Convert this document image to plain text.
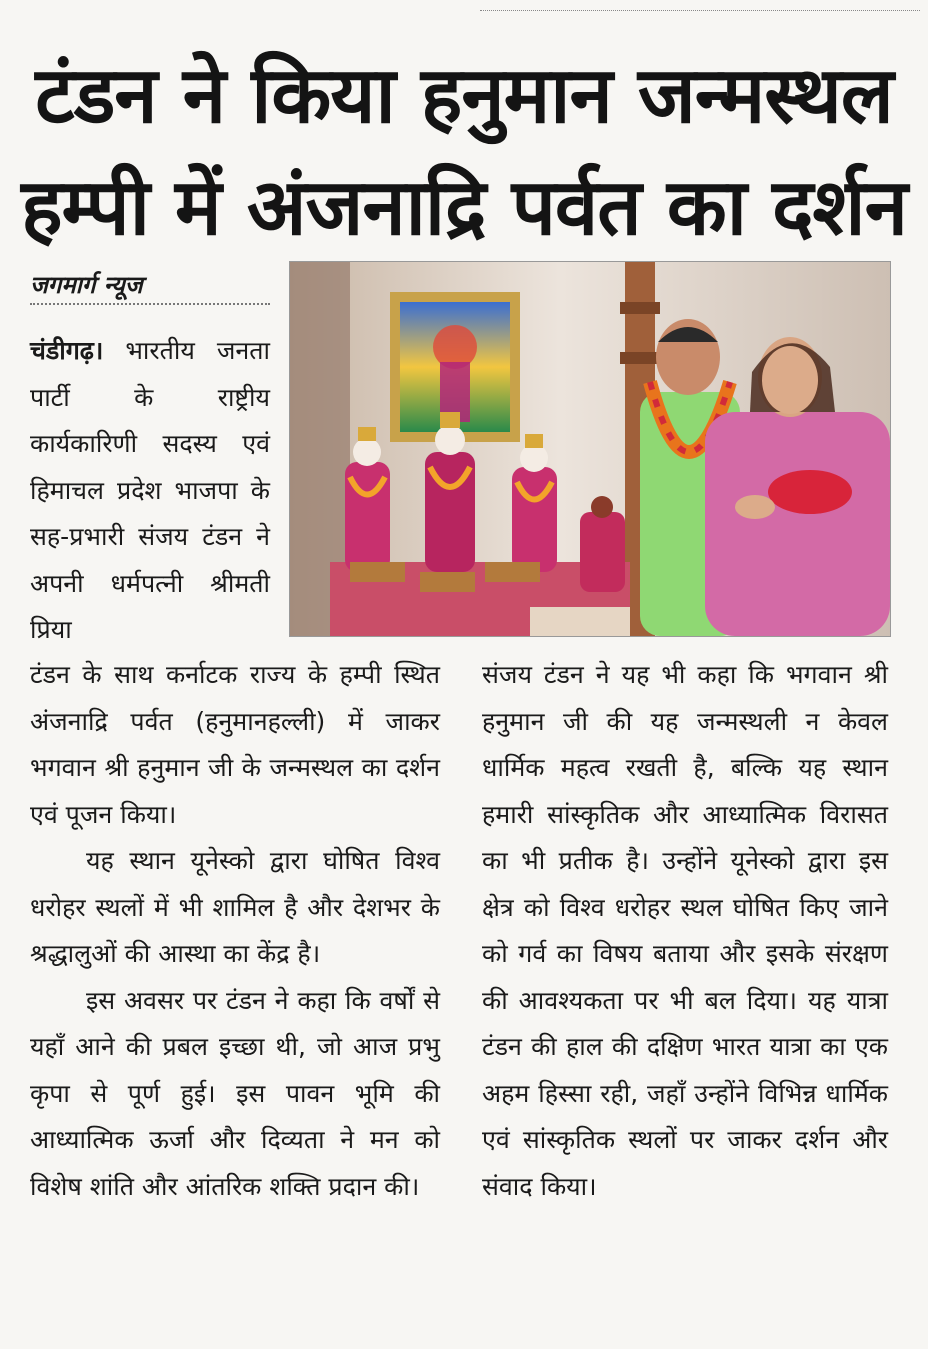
टंडन ने किया हनुमान जन्मस्थल
हम्पी में अंजनाद्रि पर्वत का दर्शन
जगमार्ग न्यूज

चंडीगढ़। भारतीय जनता पार्टी के राष्ट्रीय कार्यकारिणी सदस्य एवं हिमाचल प्रदेश भाजपा के सह-प्रभारी संजय टंडन ने अपनी धर्मपत्नी श्रीमती प्रिया

टंडन के साथ कर्नाटक राज्य के हम्पी स्थित अंजनाद्रि पर्वत (हनुमानहल्ली) में जाकर भगवान श्री हनुमान जी के जन्मस्थल का दर्शन एवं पूजन किया।

यह स्थान यूनेस्को द्वारा घोषित विश्व धरोहर स्थलों में भी शामिल है और देशभर के श्रद्धालुओं की आस्था का केंद्र है।

इस अवसर पर टंडन ने कहा कि वर्षों से यहाँ आने की प्रबल इच्छा थी, जो आज प्रभु कृपा से पूर्ण हुई। इस पावन भूमि की आध्यात्मिक ऊर्जा और दिव्यता ने मन को विशेष शांति और आंतरिक शक्ति प्रदान की।

संजय टंडन ने यह भी कहा कि भगवान श्री हनुमान जी की यह जन्मस्थली न केवल धार्मिक महत्व रखती है, बल्कि यह स्थान हमारी सांस्कृतिक और आध्यात्मिक विरासत का भी प्रतीक है। उन्होंने यूनेस्को द्वारा इस क्षेत्र को विश्व धरोहर स्थल घोषित किए जाने को गर्व का विषय बताया और इसके संरक्षण की आवश्यकता पर भी बल दिया। यह यात्रा टंडन की हाल की दक्षिण भारत यात्रा का एक अहम हिस्सा रही, जहाँ उन्होंने विभिन्न धार्मिक एवं सांस्कृतिक स्थलों पर जाकर दर्शन और संवाद किया।
